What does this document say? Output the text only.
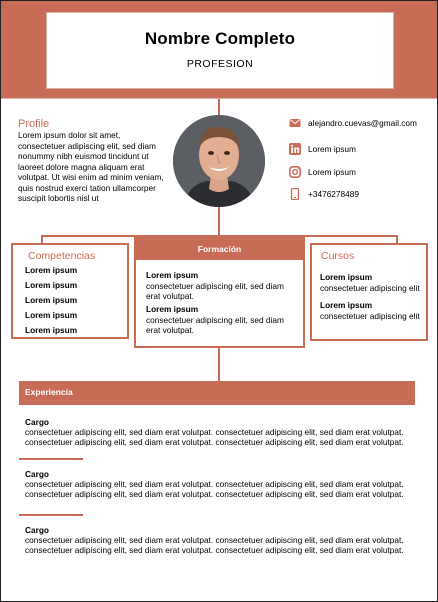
Nombre Completo
PROFESION
Profile
Lorem ipsum dolor sit amet, consectetuer adipiscing elit, sed diam nonummy nibh euismod tincidunt ut laoreet dolore magna aliquam erat volutpat. Ut wisi enim ad minim veniam, quis nostrud exerci tation ullamcorper suscipit lobortis nisl ut
alejandro.cuevas@gmail.com
Lorem ipsum
Lorem ipsum
+3476278489
Competencias
Lorem ipsum
Lorem ipsum
Lorem ipsum
Lorem ipsum
Lorem ipsum
Formación
Lorem ipsum
consectetuer adipiscing elit, sed diam erat volutpat.
Lorem ipsum
consectetuer adipiscing elit, sed diam erat volutpat.
Cursos
Lorem ipsum
consectetuer adipiscing elit
Lorem ipsum
consectetuer adipiscing elit
Experiencia
Cargo
consectetuer adipiscing elit, sed diam erat volutpat. consectetuer adipiscing elit, sed diam erat volutpat.
consectetuer adipiscing elit, sed diam erat volutpat. consectetuer adipiscing elit, sed diam erat volutpat.
Cargo
consectetuer adipiscing elit, sed diam erat volutpat. consectetuer adipiscing elit, sed diam erat volutpat.
consectetuer adipiscing elit, sed diam erat volutpat. consectetuer adipiscing elit, sed diam erat volutpat.
Cargo
consectetuer adipiscing elit, sed diam erat volutpat. consectetuer adipiscing elit, sed diam erat volutpat.
consectetuer adipiscing elit, sed diam erat volutpat. consectetuer adipiscing elit, sed diam erat volutpat.
